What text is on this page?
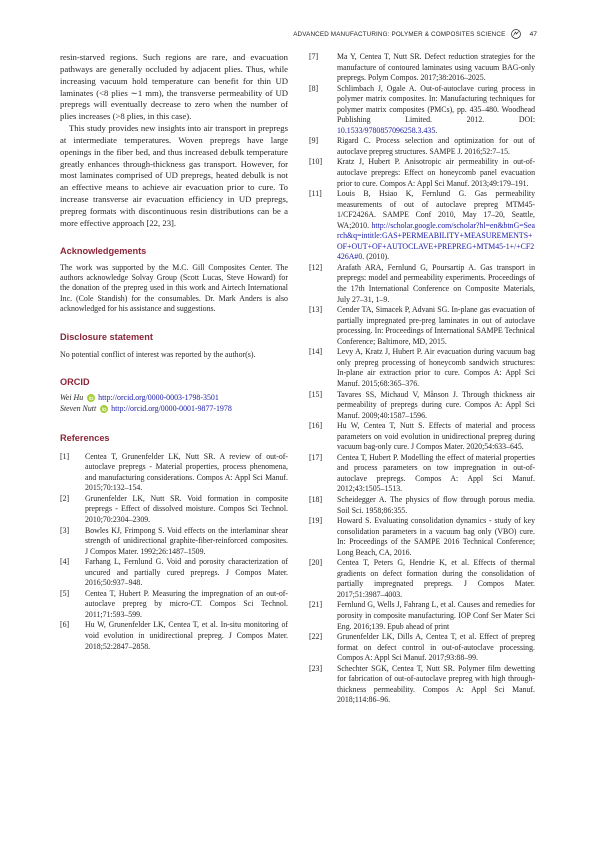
ADVANCED MANUFACTURING: POLYMER & COMPOSITES SCIENCE	47

resin-starved regions. Such regions are rare, and evacuation pathways are generally occluded by adjacent plies. Thus, while increasing vacuum hold temperature can benefit for thin UD laminates (<8 plies ∼1 mm), the transverse permeability of UD prepregs will eventually decrease to zero when the number of plies increases (>8 plies, in this case).

This study provides new insights into air transport in prepregs at intermediate temperatures. Woven prepregs have large openings in the fiber bed, and thus increased debulk temperature greatly enhances through-thickness gas transport. However, for most laminates comprised of UD prepregs, heated debulk is not an effective means to achieve air evacuation prior to cure. To increase transverse air evacuation efficiency in UD prepregs, prepreg formats with discontinuous resin distributions can be a more effective approach [22, 23].

Acknowledgements

The work was supported by the M.C. Gill Composites Center. The authors acknowledge Solvay Group (Scott Lucas, Steve Howard) for the donation of the prepreg used in this work and Airtech International Inc. (Cole Standish) for the consumables. Dr. Mark Anders is also acknowledged for his assistance and suggestions.

Disclosure statement

No potential conflict of interest was reported by the author(s).

ORCID
Wei Hu http://orcid.org/0000-0003-1798-3501
Steven Nutt http://orcid.org/0000-0001-9877-1978
References
[1]	Centea T, Grunenfelder LK, Nutt SR. A review of out-of-autoclave prepregs - Material properties, process phenomena, and manufacturing considerations. Compos A: Appl Sci Manuf. 2015;70:132–154.
[2]	Grunenfelder LK, Nutt SR. Void formation in composite prepregs - Effect of dissolved moisture. Compos Sci Technol. 2010;70:2304–2309.
[3]	Bowles KJ, Frimpong S. Void effects on the interlaminar shear strength of unidirectional graphite-fiber-reinforced composites. J Compos Mater. 1992;26:1487–1509.
[4]	Farhang L, Fernlund G. Void and porosity characterization of uncured and partially cured prepregs. J Compos Mater. 2016;50:937–948.
[5]	Centea T, Hubert P. Measuring the impregnation of an out-of-autoclave prepreg by micro-CT. Compos Sci Technol. 2011;71:593–599.
[6]	Hu W, Grunenfelder LK, Centea T, et al. In-situ monitoring of void evolution in unidirectional prepreg. J Compos Mater. 2018;52:2847–2858.
[7]	Ma Y, Centea T, Nutt SR. Defect reduction strategies for the manufacture of contoured laminates using vacuum BAG-only prepregs. Polym Compos. 2017;38:2016–2025.
[8]	Schlimbach J, Ogale A. Out-of-autoclave curing process in polymer matrix composites. In: Manufacturing techniques for polymer matrix composites (PMCs), pp. 435–480. Woodhead Publishing Limited. 2012. DOI: 10.1533/9780857096258.3.435.
[9]	Rigard C. Process selection and optimization for out of autoclave prepreg structures. SAMPE J. 2016;52:7–15.
[10]	Kratz J, Hubert P. Anisotropic air permeability in out-of-autoclave prepregs: Effect on honeycomb panel evacuation prior to cure. Compos A: Appl Sci Manuf. 2013;49:179–191.
[11]	Louis B, Hsiao K, Fernlund G. Gas permeability measurements of out of autoclave prepreg MTM45-1/CF2426A. SAMPE Conf 2010, May 17–20, Seattle, WA;2010. http://scholar.google.com/scholar?hl=en&btnG=Search&q=intitle:GAS+PERMEABILITY+MEASUREMENTS+OF+OUT+OF+AUTOCLAVE+PREPREG+MTM45-1+/+CF2426A#0. (2010).
[12]	Arafath ARA, Fernlund G, Poursartip A. Gas transport in prepregs: model and permeability experiments. Proceedings of the 17th International Conference on Composite Materials, July 27–31, 1–9.
[13]	Cender TA, Simacek P, Advani SG. In-plane gas evacuation of partially impregnated pre-preg laminates in out of autoclave processing. In: Proceedings of International SAMPE Technical Conference; Baltimore, MD, 2015.
[14]	Levy A, Kratz J, Hubert P. Air evacuation during vacuum bag only prepreg processing of honeycomb sandwich structures: In-plane air extraction prior to cure. Compos A: Appl Sci Manuf. 2015;68:365–376.
[15]	Tavares SS, Michaud V, Månson J. Through thickness air permeability of prepregs during cure. Compos A: Appl Sci Manuf. 2009;40:1587–1596.
[16]	Hu W, Centea T, Nutt S. Effects of material and process parameters on void evolution in unidirectional prepreg during vacuum bag-only cure. J Compos Mater. 2020;54:633–645.
[17]	Centea T, Hubert P. Modelling the effect of material properties and process parameters on tow impregnation in out-of-autoclave prepregs. Compos A: Appl Sci Manuf. 2012;43:1505–1513.
[18]	Scheidegger A. The physics of flow through porous media. Soil Sci. 1958;86:355.
[19]	Howard S. Evaluating consolidation dynamics - study of key consolidation parameters in a vacuum bag only (VBO) cure. In: Proceedings of the SAMPE 2016 Technical Conference; Long Beach, CA, 2016.
[20]	Centea T, Peters G, Hendrie K, et al. Effects of thermal gradients on defect formation during the consolidation of partially impregnated prepregs. J Compos Mater. 2017;51:3987–4003.
[21]	Fernlund G, Wells J, Fahrang L, et al. Causes and remedies for porosity in composite manufacturing. IOP Conf Ser Mater Sci Eng. 2016;139. Epub ahead of print
[22]	Grunenfelder LK, Dills A, Centea T, et al. Effect of prepreg format on defect control in out-of-autoclave processing. Compos A: Appl Sci Manuf. 2017;93:88–99.
[23]	Schechter SGK, Centea T, Nutt SR. Polymer film dewetting for fabrication of out-of-autoclave prepreg with high through-thickness permeability. Compos A: Appl Sci Manuf. 2018;114:86–96.
